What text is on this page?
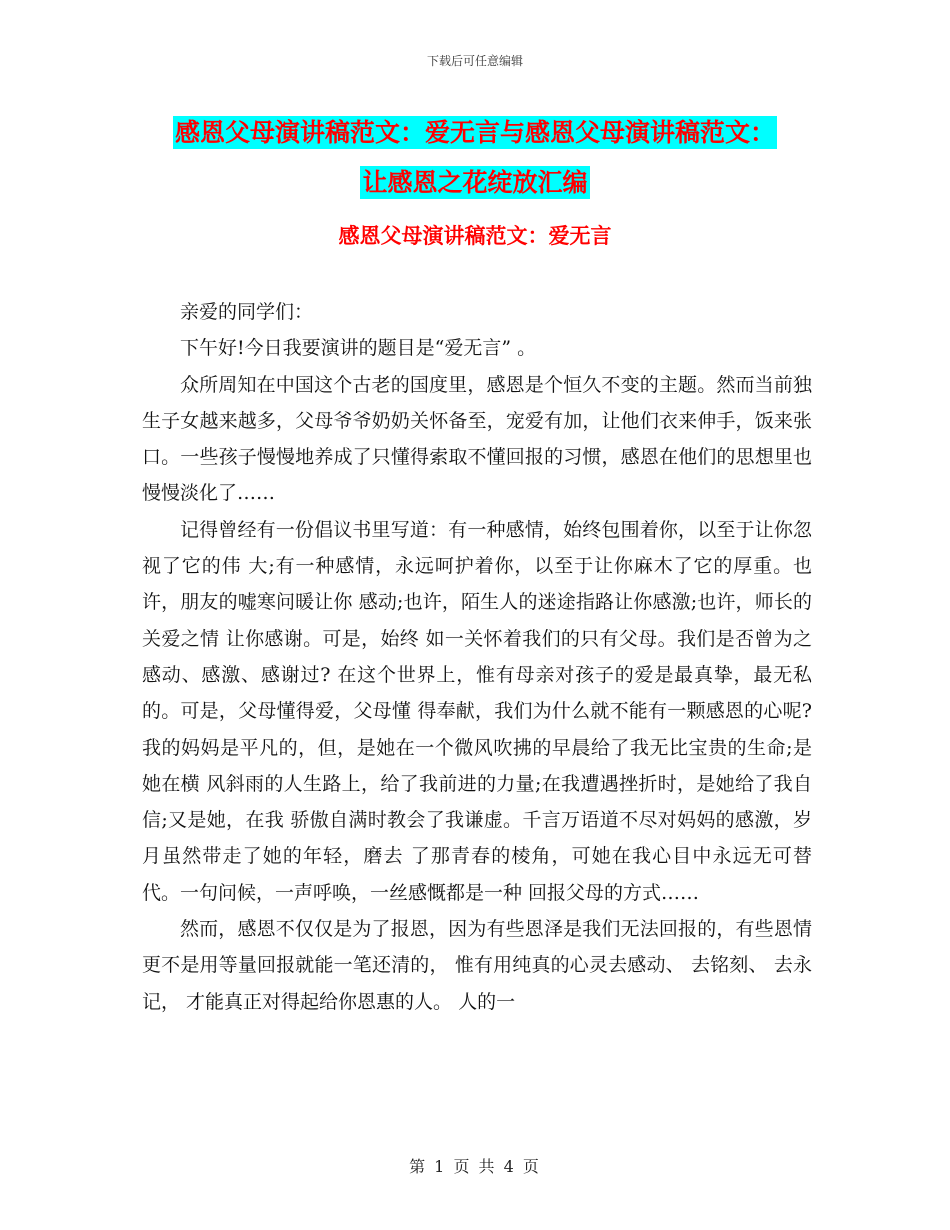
下载后可任意编辑
感恩父母演讲稿范文：爱无言与感恩父母演讲稿范文：
让感恩之花绽放汇编
感恩父母演讲稿范文：爱无言

亲爱的同学们：

下午好!今日我要演讲的题目是“爱无言” 。

众所周知在中国这个古老的国度里，感恩是个恒久不变的主题。然而当前独 生子女越来越多，父母爷爷奶奶关怀备至，宠爱有加，让他们衣来伸手，饭来张 口。一些孩子慢慢地养成了只懂得索取不懂回报的习惯，感恩在他们的思想里也 慢慢淡化了……

记得曾经有一份倡议书里写道：有一种感情，始终包围着你，以至于让你忽视了它的伟 大;有一种感情，永远呵护着你，以至于让你麻木了它的厚重。也许，朋友的嘘寒问暖让你 感动;也许，陌生人的迷途指路让你感激;也许，师长的关爱之情 让你感谢。可是，始终 如一关怀着我们的只有父母。我们是否曾为之感动、感激、感谢过? 在这个世界上，惟有母亲对孩子的爱是最真挚，最无私的。可是，父母懂得爱，父母懂 得奉献，我们为什么就不能有一颗感恩的心呢? 我的妈妈是平凡的，但，是她在一个微风吹拂的早晨给了我无比宝贵的生命;是她在横 风斜雨的人生路上，给了我前进的力量;在我遭遇挫折时，是她给了我自信;又是她，在我 骄傲自满时教会了我谦虚。千言万语道不尽对妈妈的感激，岁月虽然带走了她的年轻，磨去 了那青春的棱角，可她在我心目中永远无可替代。一句问候，一声呼唤，一丝感慨都是一种 回报父母的方式……

然而，感恩不仅仅是为了报恩，因为有些恩泽是我们无法回报的，有些恩情 更不是用等量回报就能一笔还清的， 惟有用纯真的心灵去感动、 去铭刻、 去永记， 才能真正对得起给你恩惠的人。 人的一

第 1 页 共 4 页
